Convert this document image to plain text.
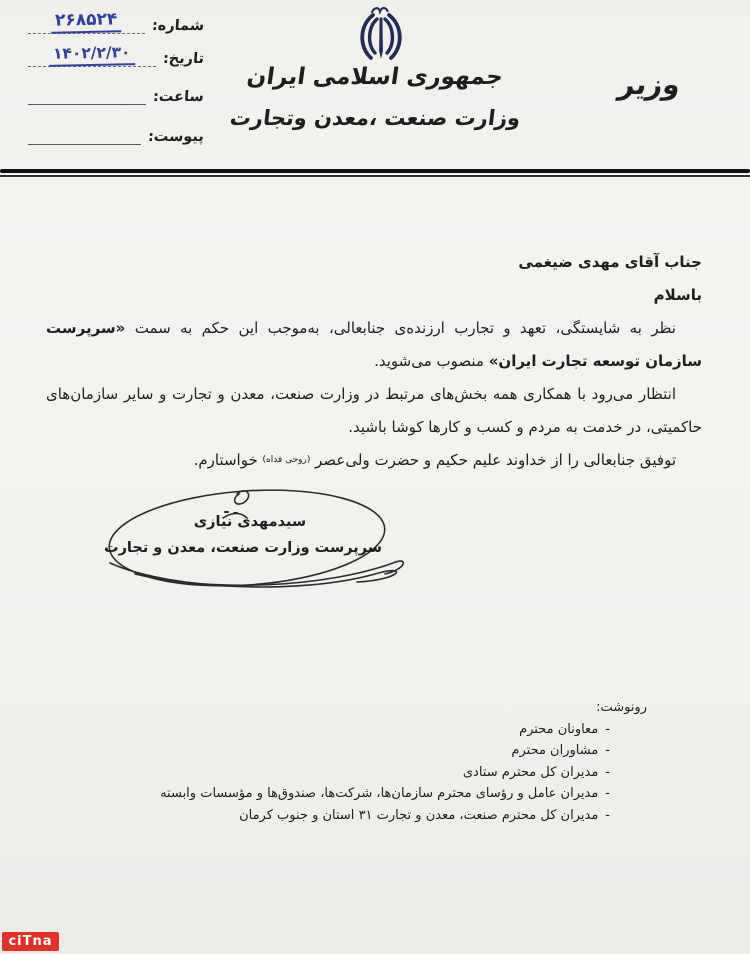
شماره:
۲۶۸۵۲۴
تاریخ:
۱۴۰۲/۲/۳۰
ساعت:
پیوست:
جمهوری اسلامی ایران
وزارت صنعت ،معدن وتجارت
وزیر
جناب آقای مهدی ضیغمی
باسلام

نظر به شایستگی، تعهد و تجارب ارزنده‌ی جنابعالی، به‌موجب این حکم به سمت «سرپرست سازمان توسعه تجارت ایران» منصوب می‌شوید.

انتظار می‌رود با همکاری همه بخش‌های مرتبط در وزارت صنعت، معدن و تجارت و سایر سازمان‌های حاکمیتی، در خدمت به مردم و کسب و کارها کوشا باشید.

توفیق جنابعالی را از خداوند علیم حکیم و حضرت ولی‌عصر $^{(روحی فداه)}$ خواستارم.

سیدمهدی نیازی
سرپرست وزارت صنعت، معدن و تجارت
رونوشت:
- معاونان محترم
- مشاوران محترم
- مدیران کل محترم ستادی
- مدیران عامل و رؤسای محترم سازمان‌ها، شرکت‌ها، صندوق‌ها و مؤسسات وابسته
- مدیران کل محترم صنعت، معدن و تجارت ۳۱ استان و جنوب کرمان
ciTna
